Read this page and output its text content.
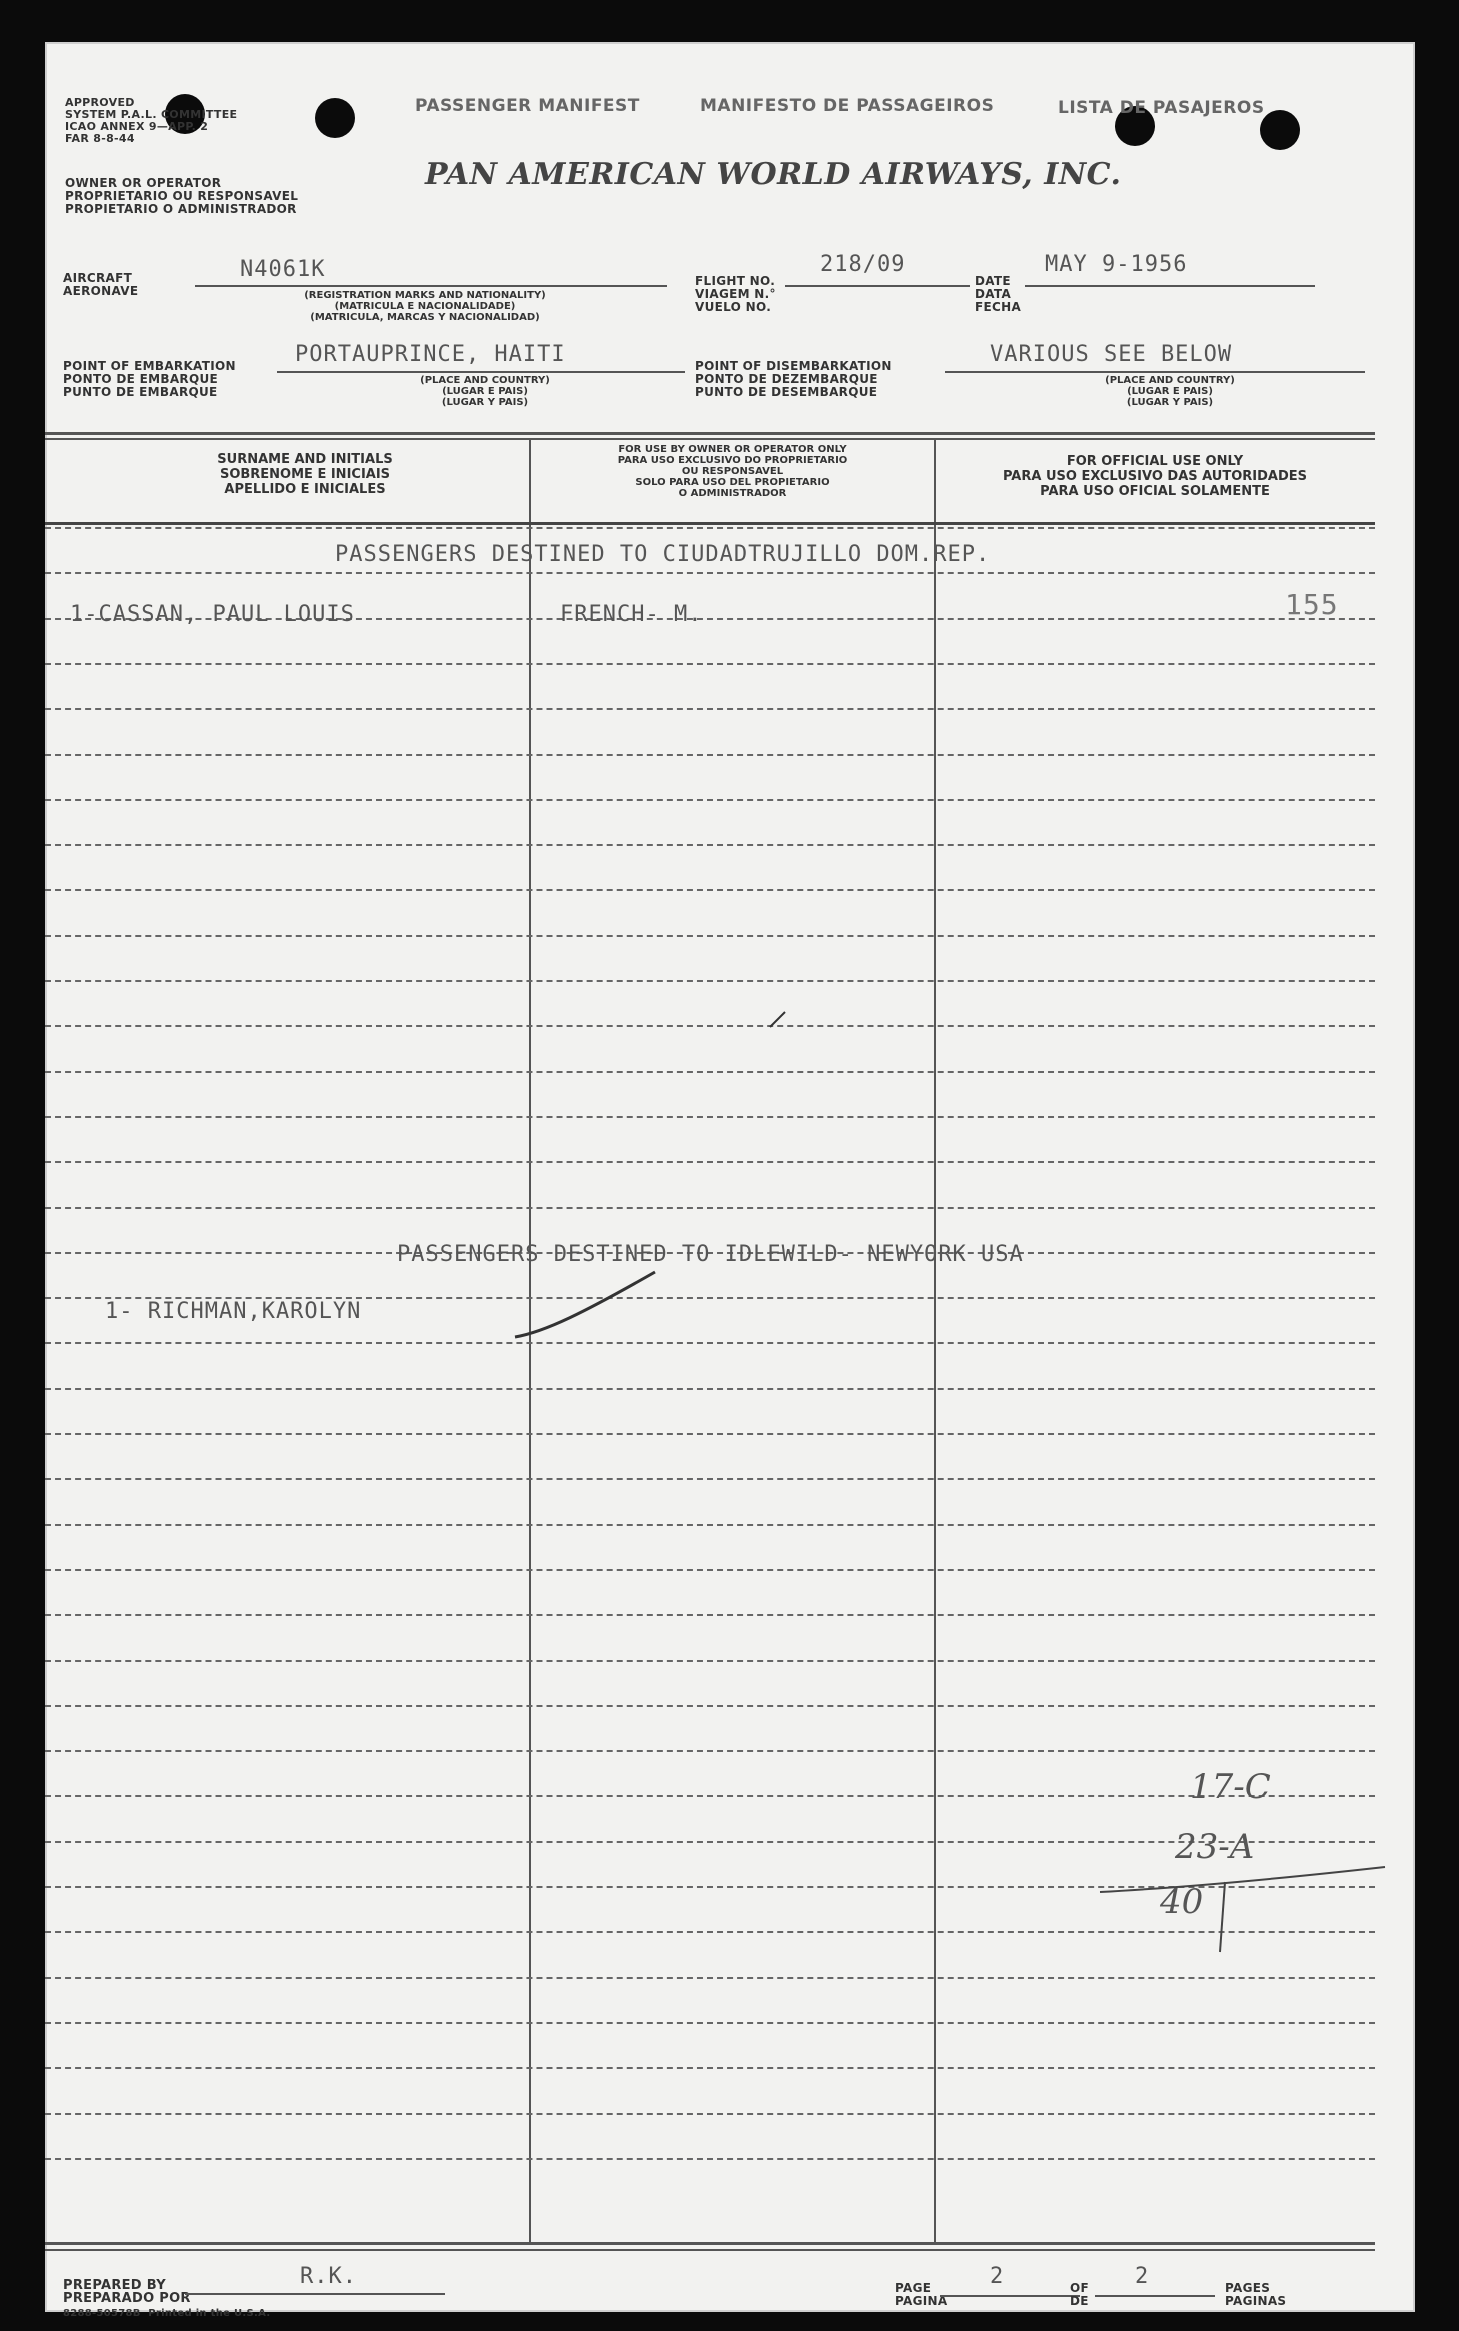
APPROVED
SYSTEM P.A.L. COMMITTEE
ICAO ANNEX 9—APP. 2
FAR 8-8-44
OWNER OR OPERATOR
PROPRIETARIO OU RESPONSAVEL
PROPIETARIO O ADMINISTRADOR
PASSENGER MANIFEST	MANIFESTO DE PASSAGEIROS	LISTA DE PASAJEROS
PAN AMERICAN WORLD AIRWAYS, INC.
AIRCRAFT
AERONAVE
N4061K
(REGISTRATION MARKS AND NATIONALITY)
(MATRICULA E NACIONALIDADE)
(MATRICULA, MARCAS Y NACIONALIDAD)
FLIGHT NO.
VIAGEM N.°
VUELO NO.
218/09
DATE
DATA
FECHA
MAY 9-1956
POINT OF EMBARKATION
PONTO DE EMBARQUE
PUNTO DE EMBARQUE
PORTAUPRINCE, HAITI
(PLACE AND COUNTRY)
(LUGAR E PAIS)
(LUGAR Y PAIS)
POINT OF DISEMBARKATION
PONTO DE DEZEMBARQUE
PUNTO DE DESEMBARQUE
VARIOUS SEE BELOW
(PLACE AND COUNTRY)
(LUGAR E PAIS)
(LUGAR Y PAIS)
SURNAME AND INITIALS
SOBRENOME E INICIAIS
APELLIDO E INICIALES
FOR USE BY OWNER OR OPERATOR ONLY
PARA USO EXCLUSIVO DO PROPRIETARIO
OU RESPONSAVEL
SOLO PARA USO DEL PROPIETARIO
O ADMINISTRADOR
FOR OFFICIAL USE ONLY
PARA USO EXCLUSIVO DAS AUTORIDADES
PARA USO OFICIAL SOLAMENTE
PASSENGERS DESTINED TO CIUDADTRUJILLO DOM.REP.
1-CASSAN, PAUL LOUIS	FRENCH- M.	155
PASSENGERS DESTINED TO IDLEWILD- NEWYORK USA
1- RICHMAN,KAROLYN
17-C
23-A
40
PREPARED BY
PREPARADO POR
R.K.
8288-50578B Printed in the U.S.A.
PAGE
PAGINA
2	OF
DE
2	PAGES
PAGINAS
